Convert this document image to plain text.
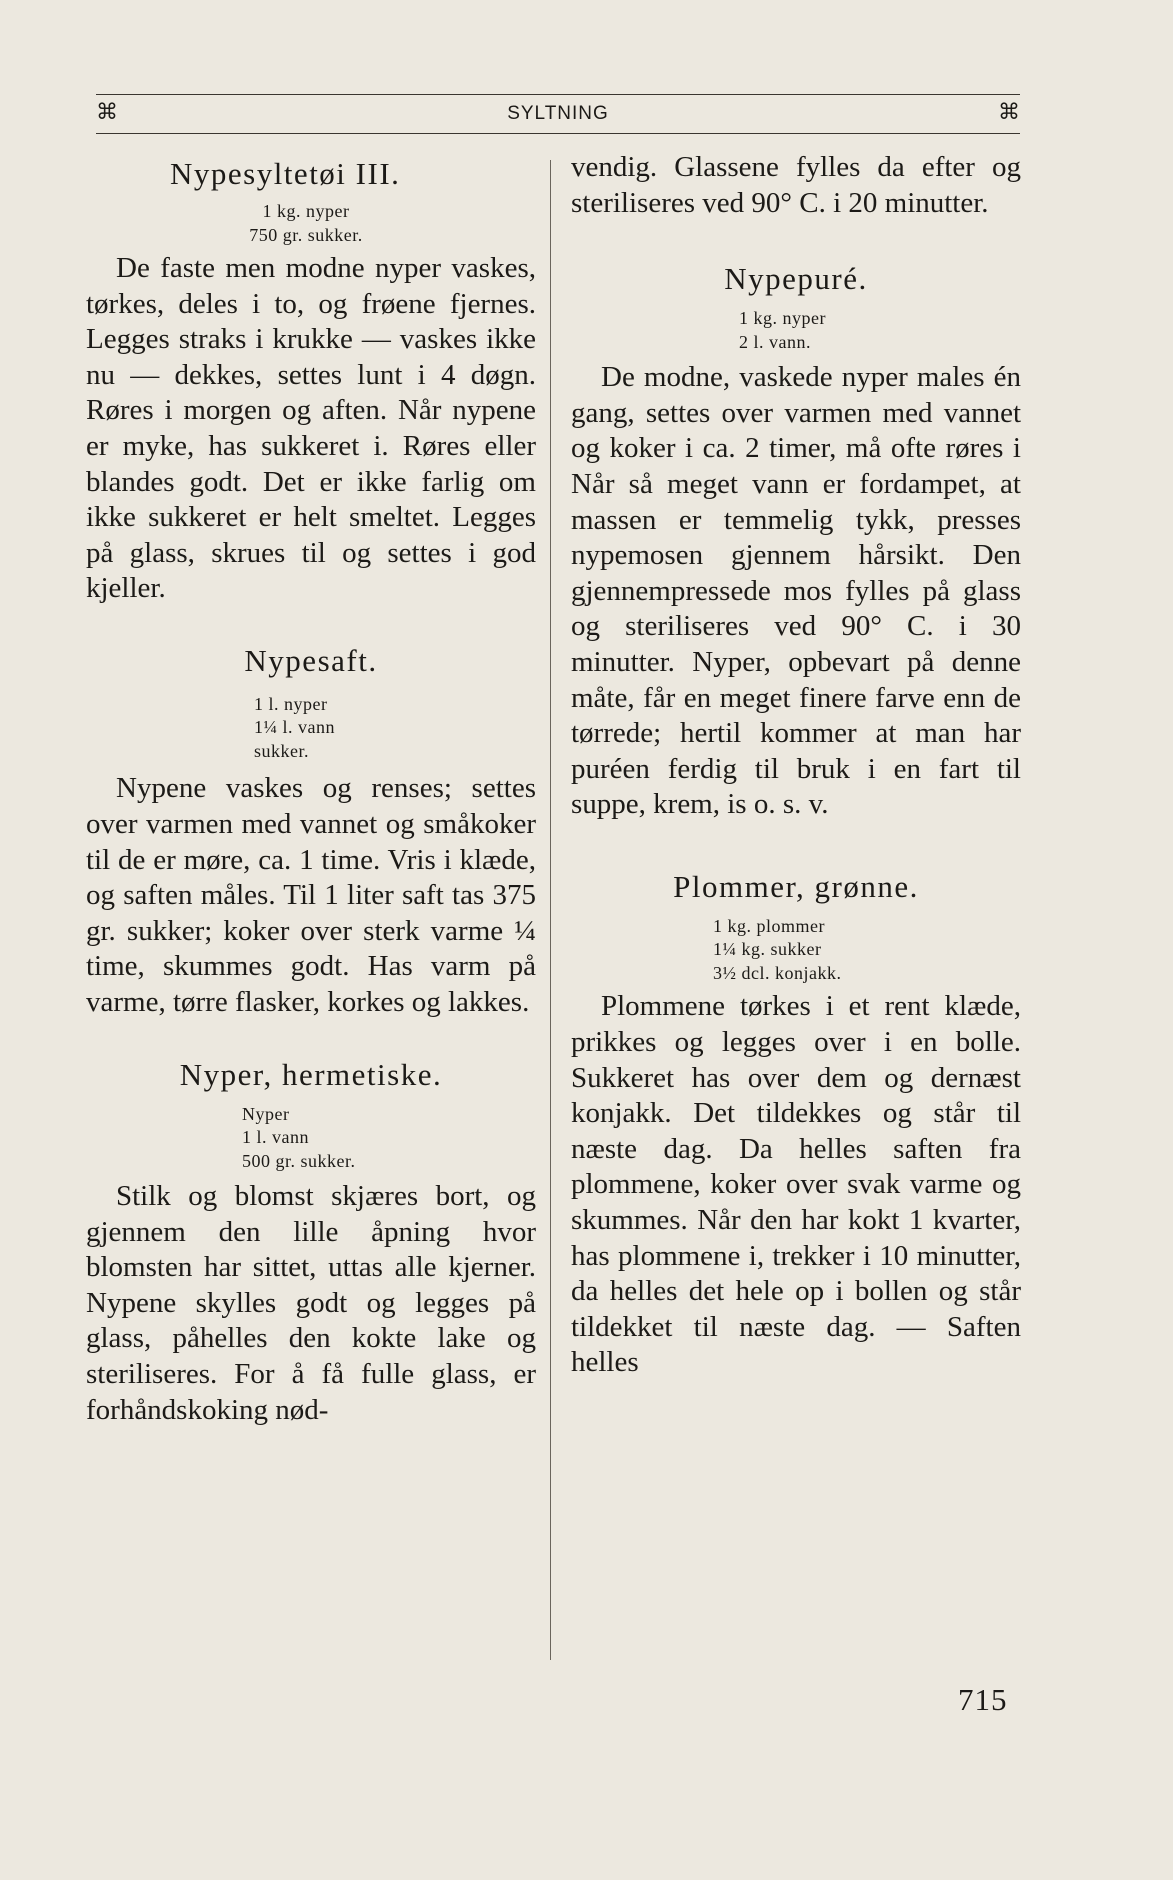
⌘	SYLTNING	⌘
Nypesyltetøi III.
1 kg. nyper
750 gr. sukker.

De faste men modne nyper vaskes, tørkes, deles i to, og frøene fjernes. Legges straks i krukke — vaskes ikke nu — dekkes, settes lunt i 4 døgn. Røres i morgen og aften. Når nypene er myke, has sukkeret i. Røres eller blandes godt. Det er ikke farlig om ikke sukkeret er helt smeltet. Legges på glass, skrues til og settes i god kjeller.

Nypesaft.
1 l. nyper
1¼ l. vann
sukker.

Nypene vaskes og renses; settes over varmen med vannet og småkoker til de er møre, ca. 1 time. Vris i klæde, og saften måles. Til 1 liter saft tas 375 gr. sukker; koker over sterk varme ¼ time, skummes godt. Has varm på varme, tørre flasker, korkes og lakkes.

Nyper, hermetiske.
Nyper
1 l. vann
500 gr. sukker.

Stilk og blomst skjæres bort, og gjennem den lille åpning hvor blomsten har sittet, uttas alle kjerner. Nypene skylles godt og legges på glass, påhelles den kokte lake og steriliseres. For å få fulle glass, er forhåndskoking nød-

vendig. Glassene fylles da efter og steriliseres ved 90° C. i 20 minutter.

Nypepuré.
1 kg. nyper
2 l. vann.

De modne, vaskede nyper males én gang, settes over varmen med vannet og koker i ca. 2 timer, må ofte røres i Når så meget vann er fordampet, at massen er temmelig tykk, presses nypemosen gjennem hårsikt. Den gjennempressede mos fylles på glass og steriliseres ved 90° C. i 30 minutter. Nyper, opbevart på denne måte, får en meget finere farve enn de tørrede; hertil kommer at man har puréen ferdig til bruk i en fart til suppe, krem, is o. s. v.

Plommer, grønne.
1 kg. plommer
1¼ kg. sukker
3½ dcl. konjakk.

Plommene tørkes i et rent klæde, prikkes og legges over i en bolle. Sukkeret has over dem og dernæst konjakk. Det tildekkes og står til næste dag. Da helles saften fra plommene, koker over svak varme og skummes. Når den har kokt 1 kvarter, has plommene i, trekker i 10 minutter, da helles det hele op i bollen og står tildekket til næste dag. — Saften helles

715
